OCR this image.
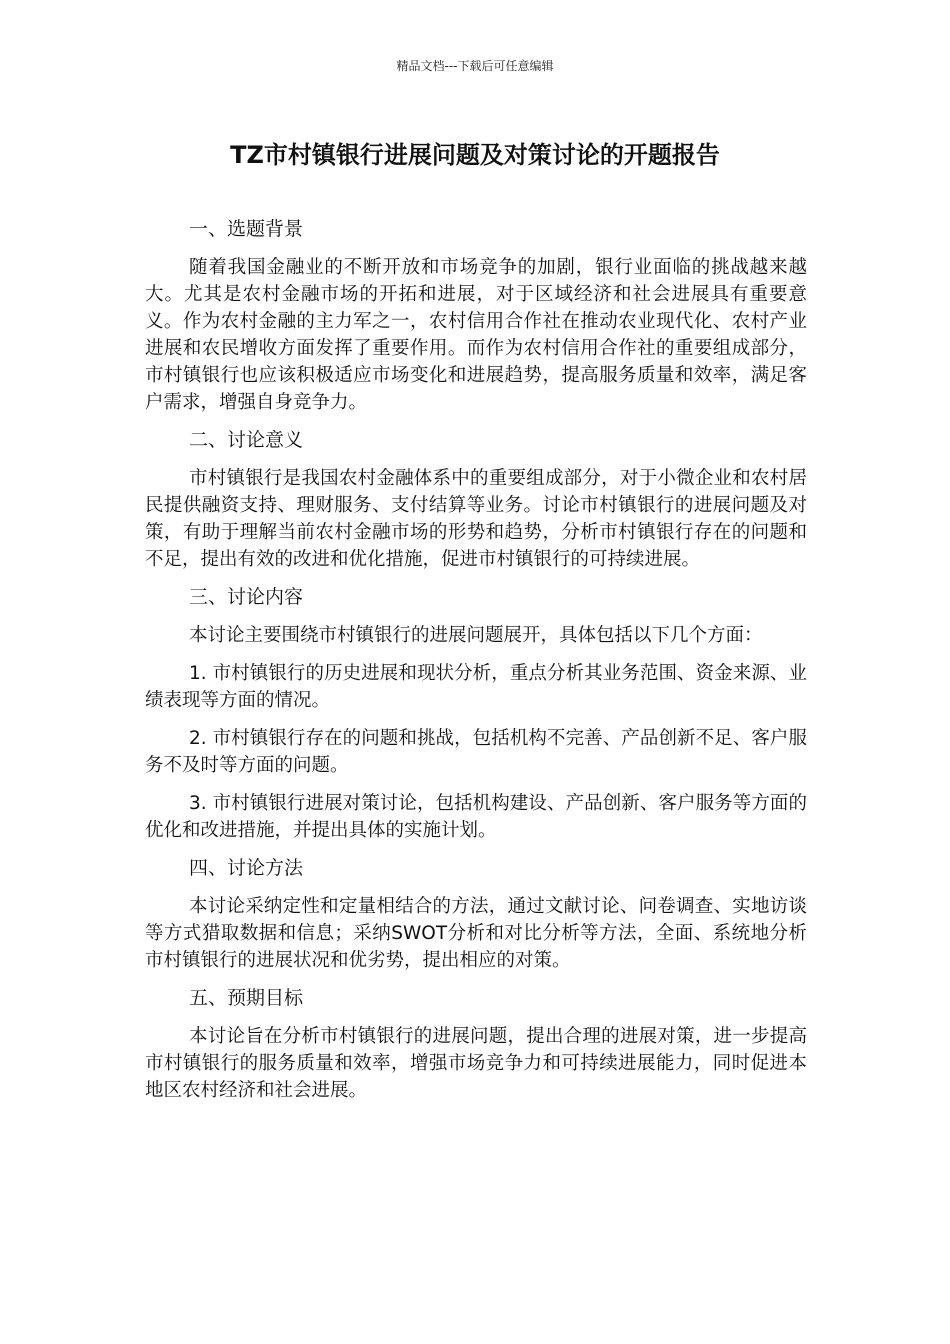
精品文档---下载后可任意编辑
TZ市村镇银行进展问题及对策讨论的开题报告
一、选题背景

随着我国金融业的不断开放和市场竞争的加剧，银行业面临的挑战越来越大。尤其是农村金融市场的开拓和进展，对于区域经济和社会进展具有重要意义。作为农村金融的主力军之一，农村信用合作社在推动农业现代化、农村产业进展和农民增收方面发挥了重要作用。而作为农村信用合作社的重要组成部分，市村镇银行也应该积极适应市场变化和进展趋势，提高服务质量和效率，满足客户需求，增强自身竞争力。

二、讨论意义

市村镇银行是我国农村金融体系中的重要组成部分，对于小微企业和农村居民提供融资支持、理财服务、支付结算等业务。讨论市村镇银行的进展问题及对策，有助于理解当前农村金融市场的形势和趋势，分析市村镇银行存在的问题和不足，提出有效的改进和优化措施，促进市村镇银行的可持续进展。

三、讨论内容

本讨论主要围绕市村镇银行的进展问题展开，具体包括以下几个方面：

1. 市村镇银行的历史进展和现状分析，重点分析其业务范围、资金来源、业绩表现等方面的情况。

2. 市村镇银行存在的问题和挑战，包括机构不完善、产品创新不足、客户服务不及时等方面的问题。

3. 市村镇银行进展对策讨论，包括机构建设、产品创新、客户服务等方面的优化和改进措施，并提出具体的实施计划。

四、讨论方法

本讨论采纳定性和定量相结合的方法，通过文献讨论、问卷调查、实地访谈等方式猎取数据和信息；采纳SWOT分析和对比分析等方法，全面、系统地分析市村镇银行的进展状况和优劣势，提出相应的对策。

五、预期目标

本讨论旨在分析市村镇银行的进展问题，提出合理的进展对策，进一步提高市村镇银行的服务质量和效率，增强市场竞争力和可持续进展能力，同时促进本地区农村经济和社会进展。
